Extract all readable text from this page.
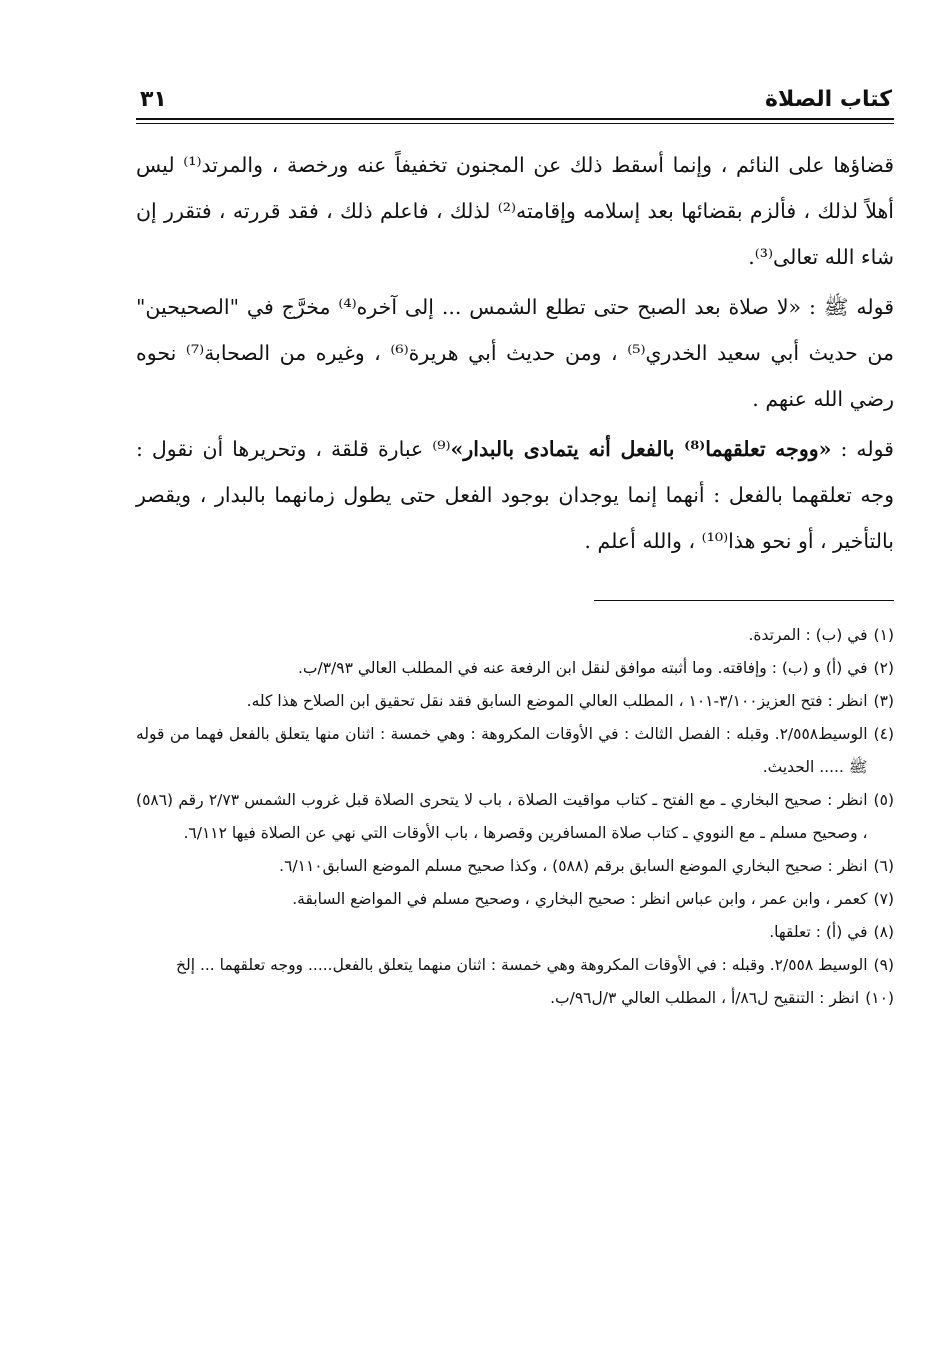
كتاب الصلاة
٣١

قضاؤها على النائم ، وإنما أسقط ذلك عن المجنون تخفيفاً عنه ورخصة ، والمرتد⁽¹⁾ ليس أهلاً لذلك ، فألزم بقضائها بعد إسلامه وإقامته⁽²⁾ لذلك ، فاعلم ذلك ، فقد قررته ، فتقرر إن شاء الله تعالى⁽³⁾.

قوله ﷺ : «لا صلاة بعد الصبح حتى تطلع الشمس ... إلى آخره⁽⁴⁾ مخرَّج في "الصحيحين" من حديث أبي سعيد الخدري⁽⁵⁾ ، ومن حديث أبي هريرة⁽⁶⁾ ، وغيره من الصحابة⁽⁷⁾ نحوه رضي الله عنهم .

قوله : «ووجه تعلقهما⁽⁸⁾ بالفعل أنه يتمادى بالبدار»⁽⁹⁾ عبارة قلقة ، وتحريرها أن نقول : وجه تعلقهما بالفعل : أنهما إنما يوجدان بوجود الفعل حتى يطول زمانهما بالبدار ، ويقصر بالتأخير ، أو نحو هذا⁽¹⁰⁾ ، والله أعلم .

(١)
في (ب) : المرتدة.
(٢)
في (أ) و (ب) : وإفاقته. وما أثبته موافق لنقل ابن الرفعة عنه في المطلب العالي ٣/٩٣/ب.
(٣)
انظر : فتح العزيز٣/١٠٠-١٠١ ، المطلب العالي الموضع السابق فقد نقل تحقيق ابن الصلاح هذا كله.
(٤)
الوسيط٢/٥٥٨. وقبله : الفصل الثالث : في الأوقات المكروهة : وهي خمسة : اثنان منها يتعلق بالفعل فهما من قوله ﷺ ..... الحديث.
(٥)
انظر : صحيح البخاري ـ مع الفتح ـ كتاب مواقيت الصلاة ، باب لا يتحرى الصلاة قبل غروب الشمس ٢/٧٣ رقم (٥٨٦) ، وصحيح مسلم ـ مع النووي ـ كتاب صلاة المسافرين وقصرها ، باب الأوقات التي نهي عن الصلاة فيها ٦/١١٢.
(٦)
انظر : صحيح البخاري الموضع السابق برقم (٥٨٨) ، وكذا صحيح مسلم الموضع السابق٦/١١٠.
(٧)
كعمر ، وابن عمر ، وابن عباس انظر : صحيح البخاري ، وصحيح مسلم في المواضع السابقة.
(٨)
في (أ) : تعلقها.
(٩)
الوسيط ٢/٥٥٨. وقبله : في الأوقات المكروهة وهي خمسة : اثنان منهما يتعلق بالفعل..... ووجه تعلقهما ... إلخ
(١٠)
انظر : التنقيح ل٨٦/أ ، المطلب العالي ٣/ل٩٦/ب.
